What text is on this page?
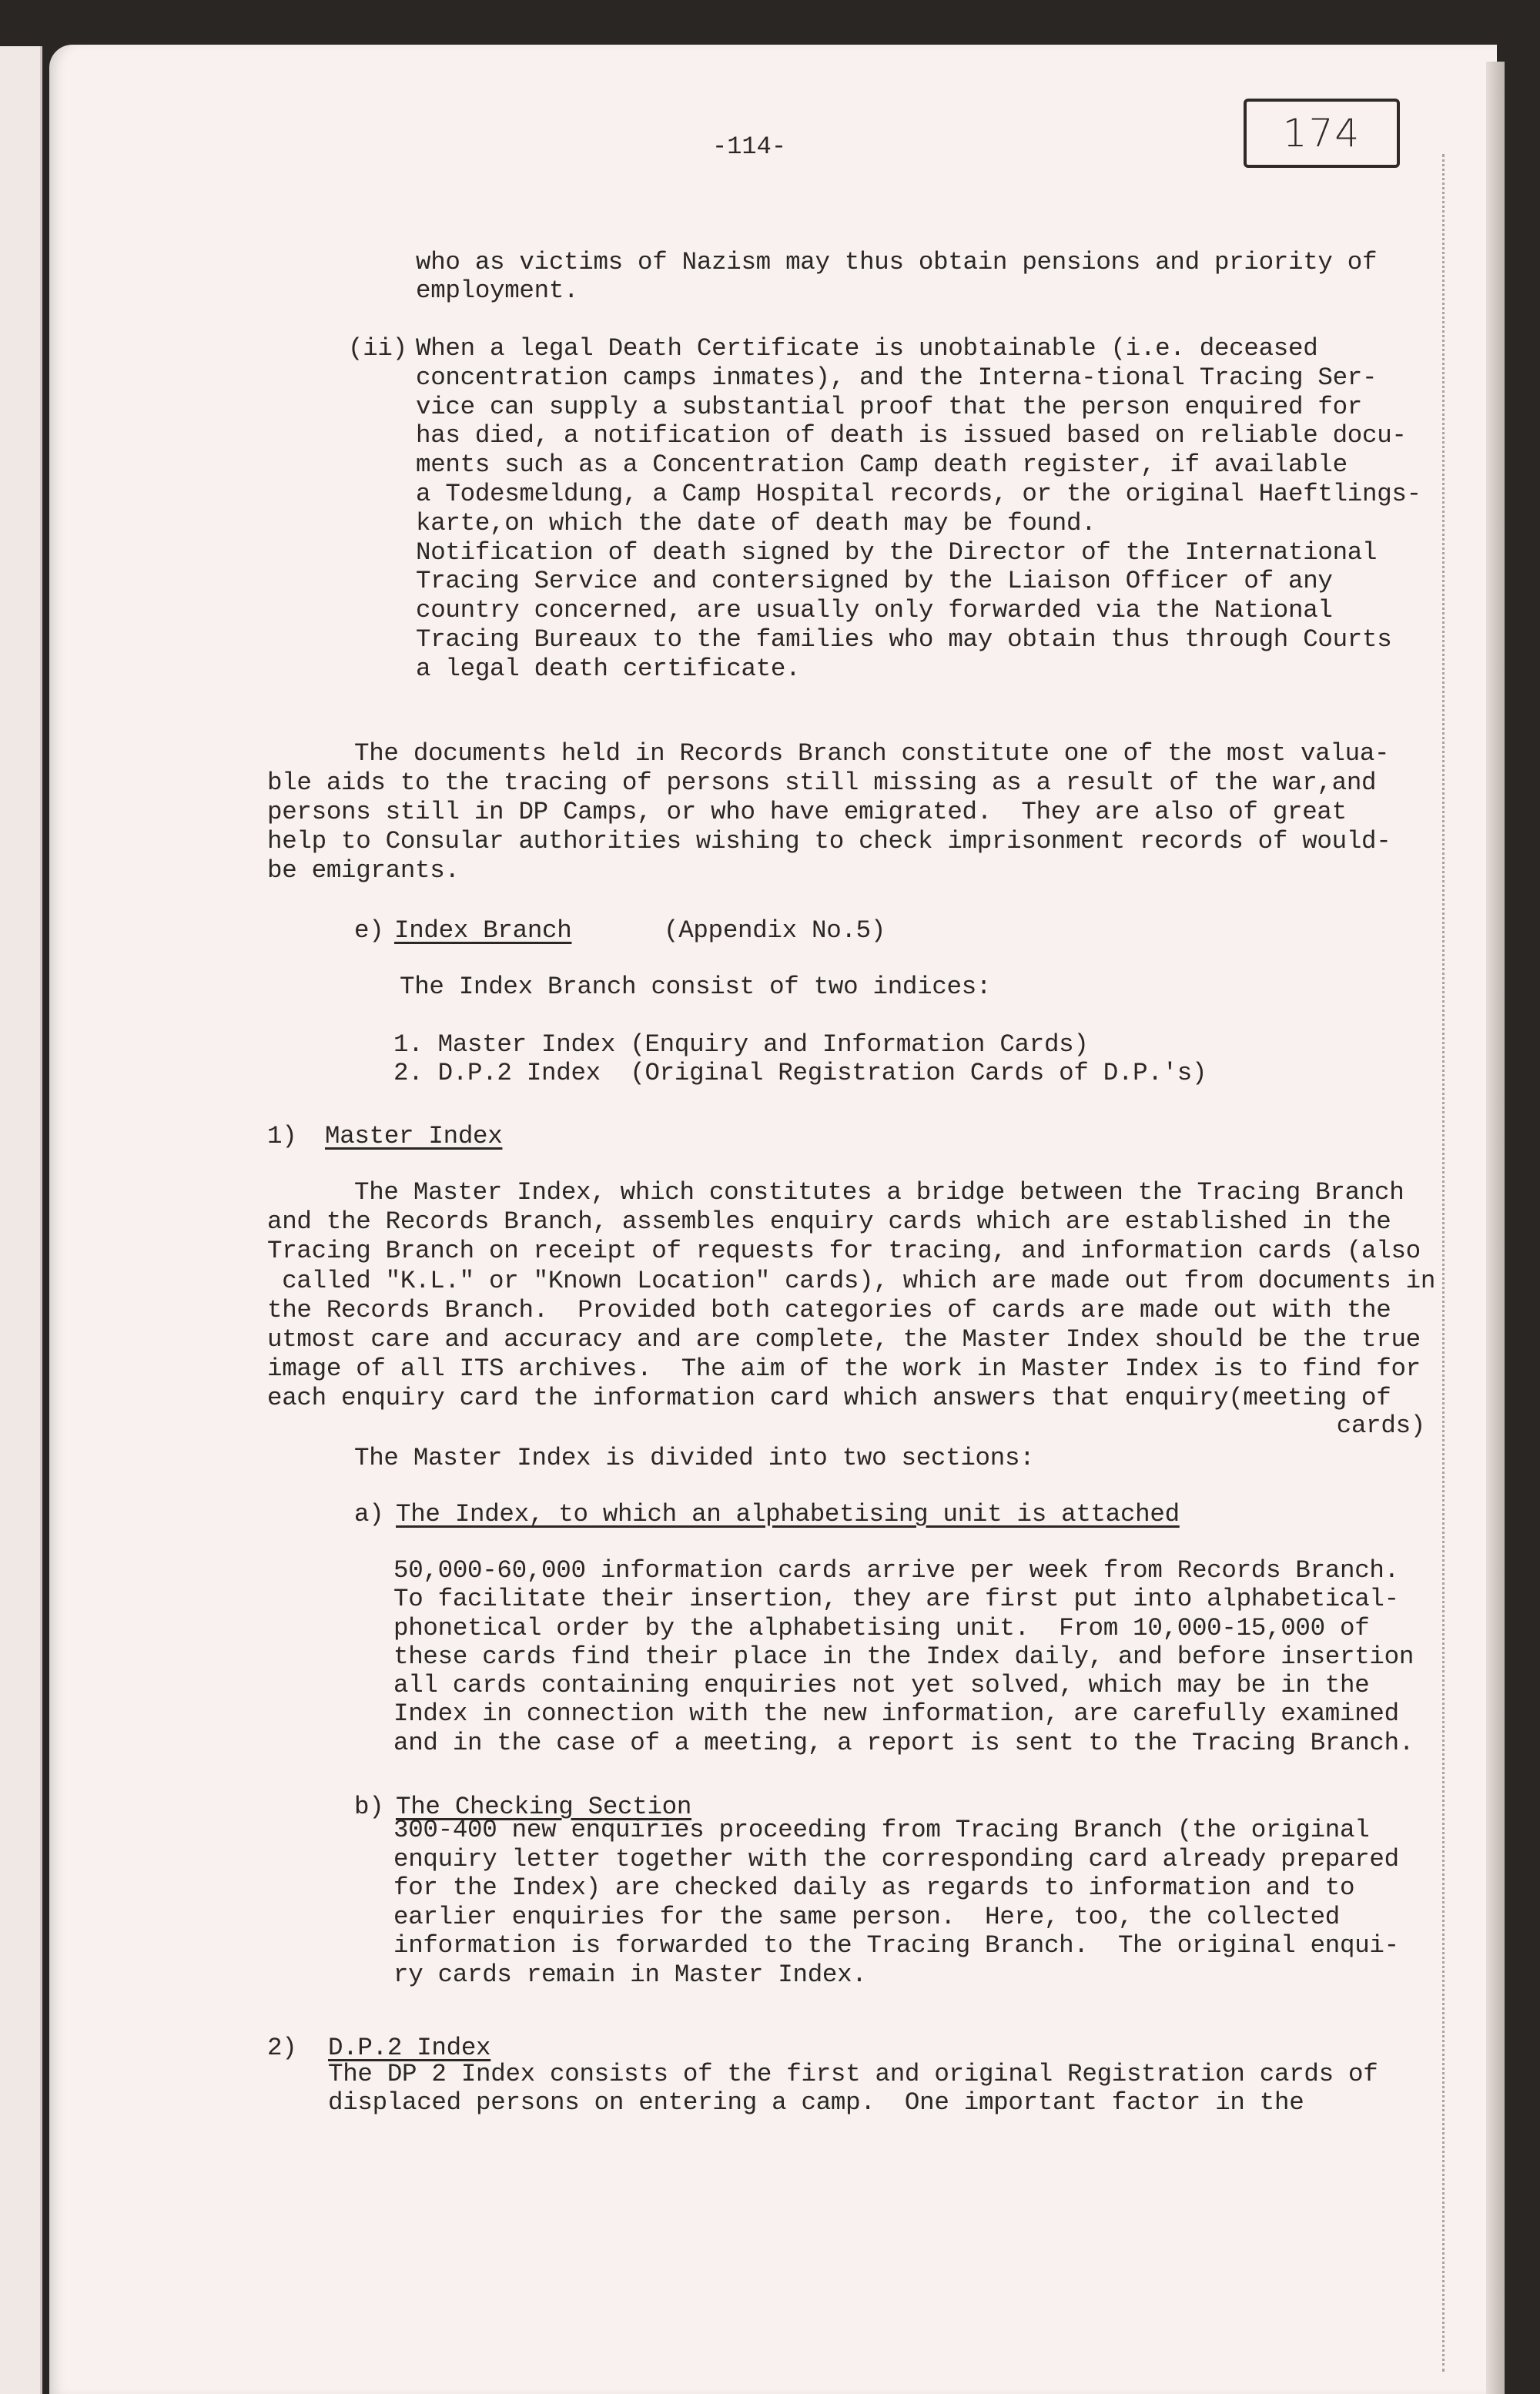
-114-	174
who as victims of Nazism may thus obtain pensions and priority of
employment.
(ii) When a legal Death Certificate is unobtainable (i.e. deceased
concentration camps inmates), and the Interna-tional Tracing Ser-
vice can supply a substantial proof that the person enquired for
has died, a notification of death is issued based on reliable docu-
ments such as a Concentration Camp death register, if available
a Todesmeldung, a Camp Hospital records, or the original Haeftlings-
karte,on which the date of death may be found.
Notification of death signed by the Director of the International
Tracing Service and contersigned by the Liaison Officer of any
country concerned, are usually only forwarded via the National
Tracing Bureaux to the families who may obtain thus through Courts
a legal death certificate.
The documents held in Records Branch constitute one of the most valua-
ble aids to the tracing of persons still missing as a result of the war,and
persons still in DP Camps, or who have emigrated.  They are also of great
help to Consular authorities wishing to check imprisonment records of would-
be emigrants.
e) Index Branch	(Appendix No.5)
The Index Branch consist of two indices:
1. Master Index (Enquiry and Information Cards)
2. D.P.2 Index  (Original Registration Cards of D.P.'s)
1) Master Index
The Master Index, which constitutes a bridge between the Tracing Branch
and the Records Branch, assembles enquiry cards which are established in the
Tracing Branch on receipt of requests for tracing, and information cards (also
called "K.L." or "Known Location" cards), which are made out from documents in
the Records Branch.  Provided both categories of cards are made out with the
utmost care and accuracy and are complete, the Master Index should be the true
image of all ITS archives.  The aim of the work in Master Index is to find for
each enquiry card the information card which answers that enquiry(meeting of
cards)
The Master Index is divided into two sections:
a) The Index, to which an alphabetising unit is attached
50,000-60,000 information cards arrive per week from Records Branch.
To facilitate their insertion, they are first put into alphabetical-
phonetical order by the alphabetising unit.  From 10,000-15,000 of
these cards find their place in the Index daily, and before insertion
all cards containing enquiries not yet solved, which may be in the
Index in connection with the new information, are carefully examined
and in the case of a meeting, a report is sent to the Tracing Branch.
b) The Checking Section
300-400 new enquiries proceeding from Tracing Branch (the original
enquiry letter together with the corresponding card already prepared
for the Index) are checked daily as regards to information and to
earlier enquiries for the same person.  Here, too, the collected
information is forwarded to the Tracing Branch.  The original enqui-
ry cards remain in Master Index.
2) D.P.2 Index
The DP 2 Index consists of the first and original Registration cards of
displaced persons on entering a camp.  One important factor in the
